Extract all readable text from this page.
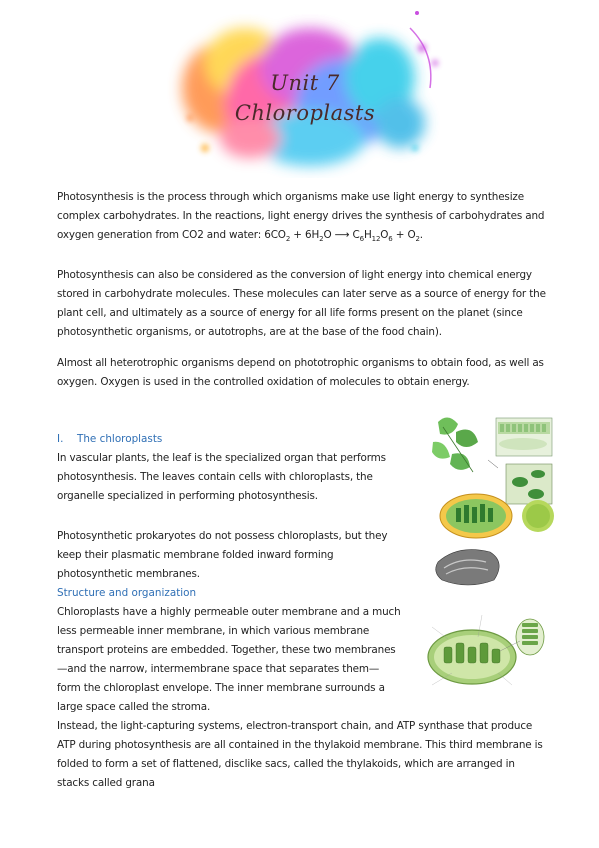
Unit 7
Chloroplasts

Photosynthesis is the process through which organisms make use light energy to synthesize complex carbohydrates. In the reactions, light energy drives the synthesis of carbohydrates and oxygen generation from CO2 and water: $6CO_2 + 6H_2O$ ⟶ $C_6H_{12}O_6 + O_2$.

Photosynthesis can also be considered as the conversion of light energy into chemical energy stored in carbohydrate molecules. These molecules can later serve as a source of energy for the plant cell, and ultimately as a source of energy for all life forms present on the planet (since photosynthetic organisms, or autotrophs, are at the base of the food chain).

Almost all heterotrophic organisms depend on phototrophic organisms to obtain food, as well as oxygen. Oxygen is used in the controlled oxidation of molecules to obtain energy.

I. The chloroplasts

In vascular plants, the leaf is the specialized organ that performs photosynthesis. The leaves contain cells with chloroplasts, the organelle specialized in performing photosynthesis.

Photosynthetic prokaryotes do not possess chloroplasts, but they keep their plasmatic membrane folded inward forming photosynthetic membranes.

Structure and organization

Chloroplasts have a highly permeable outer membrane and a much less permeable inner membrane, in which various membrane transport proteins are embedded. Together, these two membranes—and the narrow, intermembrane space that separates them—form the chloroplast envelope. The inner membrane surrounds a large space called the stroma.

Instead, the light-capturing systems, electron-transport chain, and ATP synthase that produce ATP during photosynthesis are all contained in the thylakoid membrane. This third membrane is folded to form a set of flattened, disclike sacs, called the thylakoids, which are arranged in stacks called grana
